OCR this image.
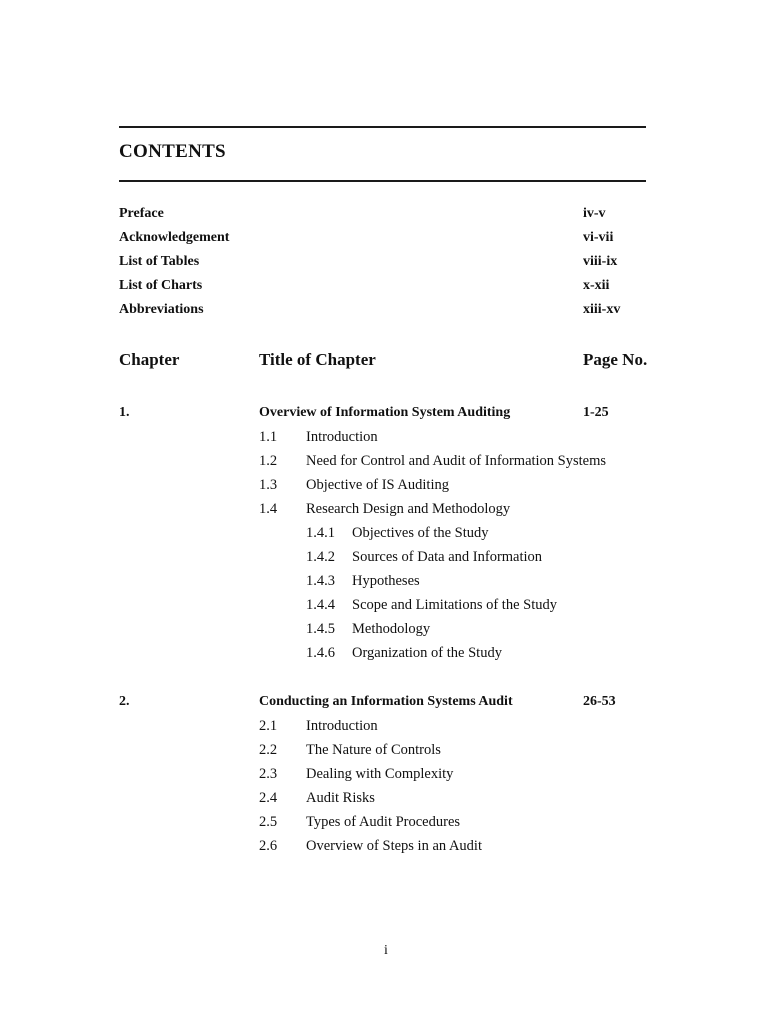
CONTENTS
Preface	iv-v
Acknowledgement	vi-vii
List of Tables	viii-ix
List of Charts	x-xii
Abbreviations	xiii-xv
Chapter	Title of Chapter	Page No.
1.	Overview of Information System Auditing	1-25
1.1 Introduction
1.2 Need for Control and Audit of Information Systems
1.3 Objective of IS Auditing
1.4 Research Design and Methodology
1.4.1 Objectives of the Study
1.4.2 Sources of Data and Information
1.4.3 Hypotheses
1.4.4 Scope and Limitations of the Study
1.4.5 Methodology
1.4.6 Organization of the Study
2.	Conducting an Information Systems Audit	26-53
2.1 Introduction
2.2 The Nature of Controls
2.3 Dealing with Complexity
2.4 Audit Risks
2.5 Types of Audit Procedures
2.6 Overview of Steps in an Audit
i
